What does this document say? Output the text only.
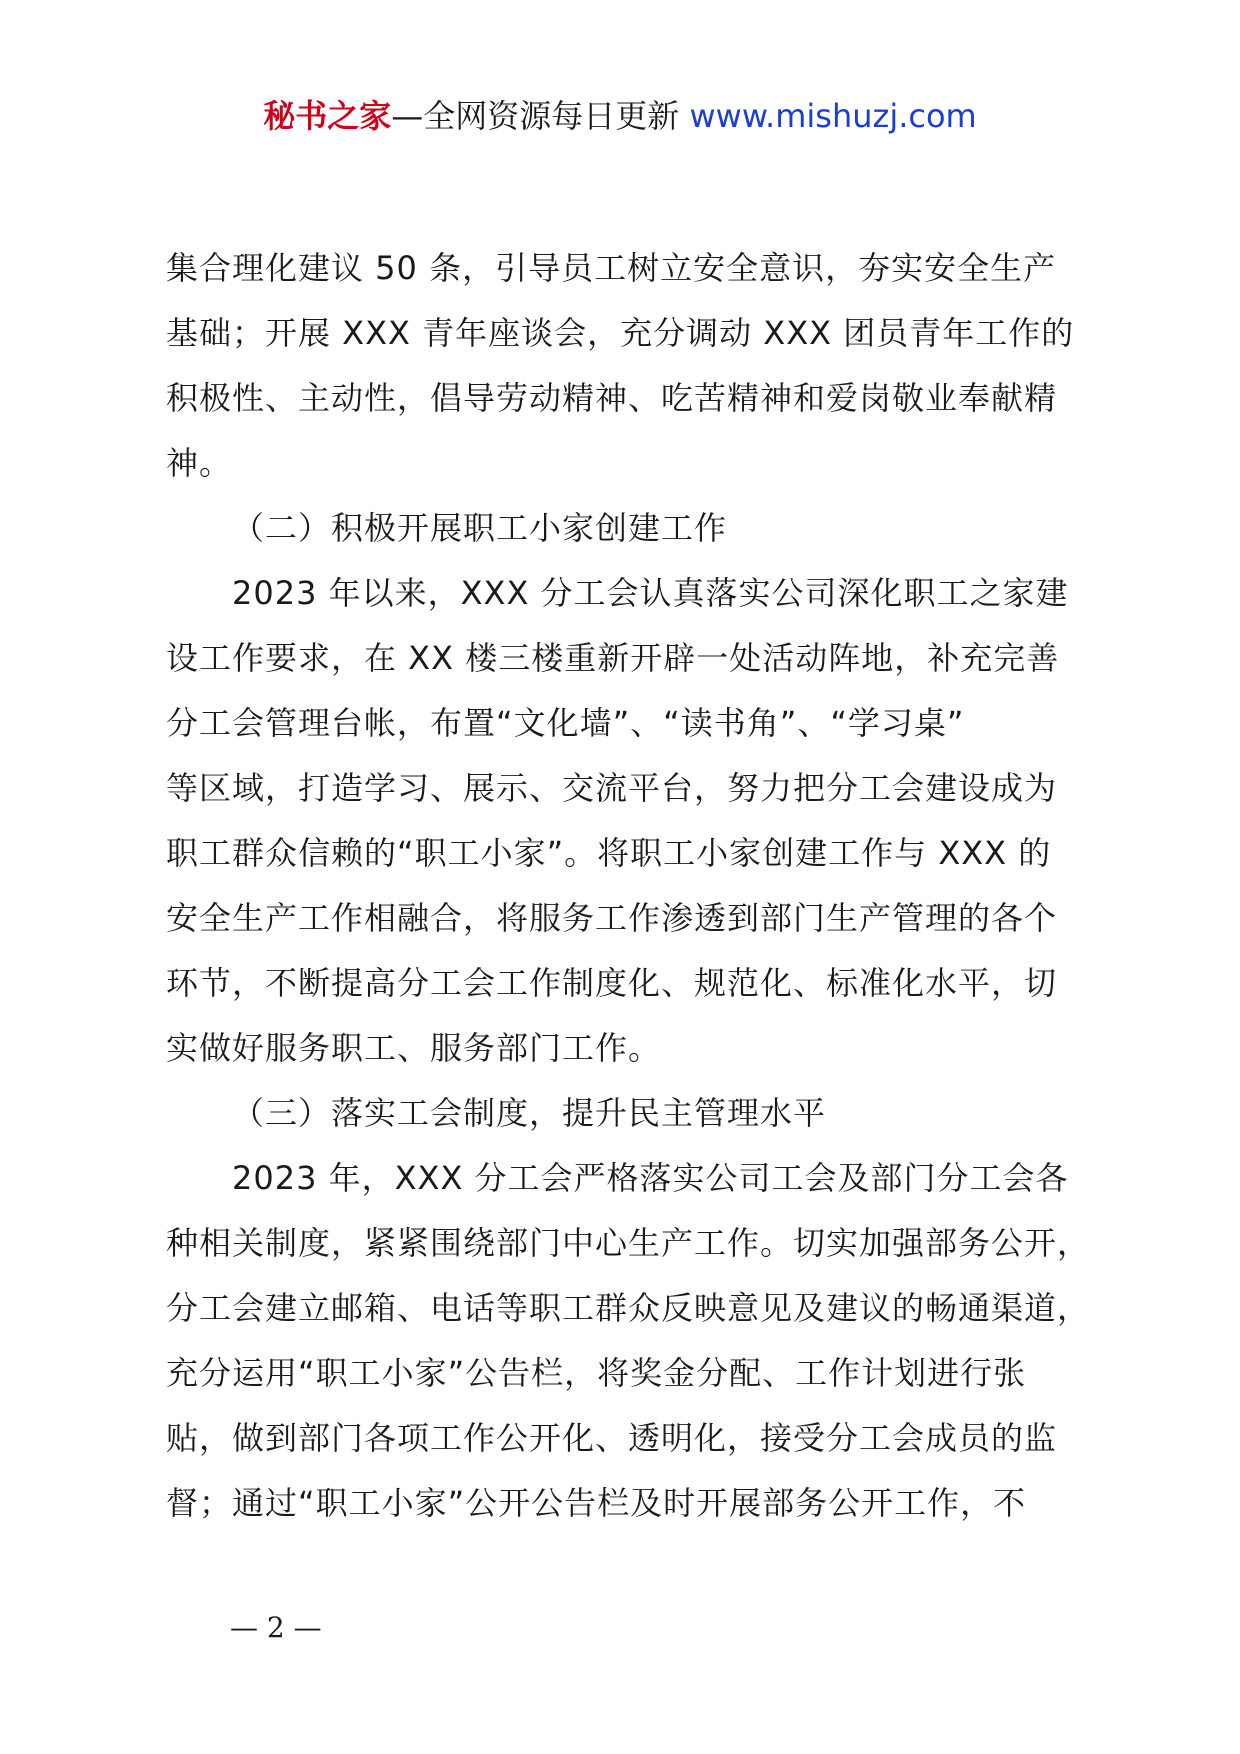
秘书之家—全网资源每日更新 www.mishuzj.com
集合理化建议 50 条，引导员工树立安全意识，夯实安全生产
基础；开展 XXX 青年座谈会，充分调动 XXX 团员青年工作的
积极性、主动性，倡导劳动精神、吃苦精神和爱岗敬业奉献精
神。
（二）积极开展职工小家创建工作
2023 年以来，XXX 分工会认真落实公司深化职工之家建
设工作要求，在 XX 楼三楼重新开辟一处活动阵地，补充完善
分工会管理台帐，布置“文化墙”、“读书角”、“学习桌”
等区域，打造学习、展示、交流平台，努力把分工会建设成为
职工群众信赖的“职工小家”。将职工小家创建工作与 XXX 的
安全生产工作相融合，将服务工作渗透到部门生产管理的各个
环节，不断提高分工会工作制度化、规范化、标准化水平，切
实做好服务职工、服务部门工作。
（三）落实工会制度，提升民主管理水平
2023 年，XXX 分工会严格落实公司工会及部门分工会各
种相关制度，紧紧围绕部门中心生产工作。切实加强部务公开，
分工会建立邮箱、电话等职工群众反映意见及建议的畅通渠道，
充分运用“职工小家”公告栏，将奖金分配、工作计划进行张
贴，做到部门各项工作公开化、透明化，接受分工会成员的监
督；通过“职工小家”公开公告栏及时开展部务公开工作，不
— 2 —
